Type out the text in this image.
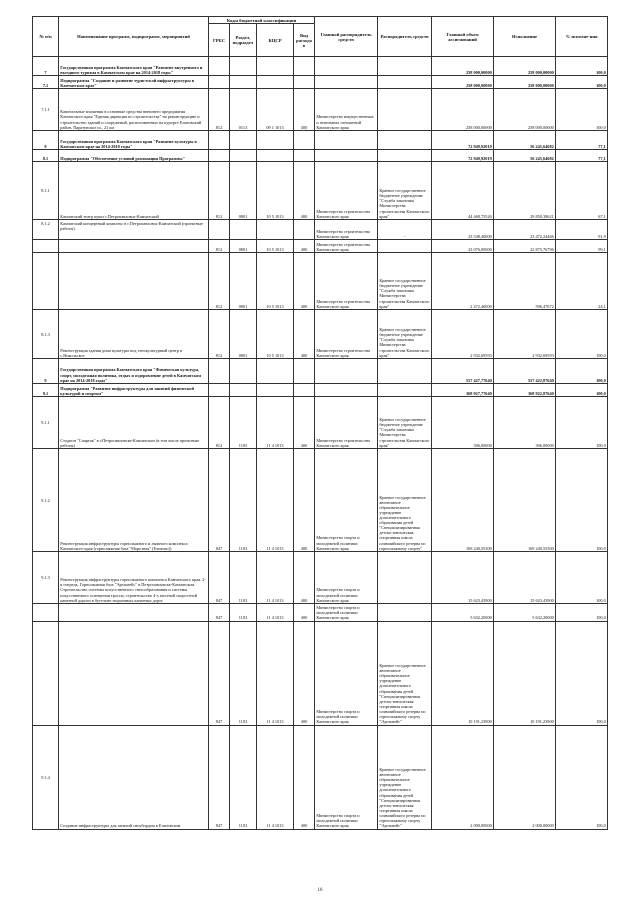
№ п/п	Наименование программ, подпрограмм, мероприятий	Коды бюджетной классификации				Главный распорядитель средств	Распорядитель средств	Главный объем ассигнований	Исполнение	% исполне-ния
		ГРБС	Раздел, подраздел	КЦСР	Вид расходов					
7	Государственная программа Камчатского края "Развитие внутреннего и въездного туризма в Камчатском крае на 2014-2018 годы"							258 000,00000	258 000,00000	100,0
7.1	Подпрограмма "Создание и развитие туристской инфраструктуры в Камчатском крае"							258 000,00000	258 000,00000	100,0
7.1.1	Капитальные вложения в основные средства внешнего предприятия Камчатского края "Единая дирекция по строительству" на реконструкцию и строительство зданий и сооружений, расположенных на курорте Елизовский район, Паратунское ш., 21 км	812	0113	09 1 1013	400	Министерство имущественных и земельных отношений Камчатского края		258 000,00000	258 000,00000	100,0
8	Государственная программа Камчатского края "Развитие культуры в Камчатском крае на 2014-2018 годы"							72 949,92019	56 245,64682	77,1
8.1	Подпрограмма "Обеспечение условий реализации Программы"							72 949,92019	56 245,64682	77,1
8.1.1	Камчатский театр кукол г.Петропавловск-Камчатский	812	0801	10 5 1013	400	Министерство строительства Камчатского края	Краевое государственное бюджетное учреждение "Служба заказчика Министерства строительства Камчатского края"	44 468,75526	29 850,38621	67,1
8.1.2	Камчатский концертный комплекс в г.Петропавловск-Камчатский (проектные работы)					Министерство строительства Камчатского края	-	23 548,40000	23 472,24466	91,9
		812	0801	10 5 1013	400	Министерство строительства Камчатского края		23 076,00000	22 875,76796	99,1
		812	0801	10 5 1013	400	Министерство строительства Камчатского края	Краевое государственное бюджетное учреждение "Служба заказчика Министерства строительства Камчатского края"	2 472,40000	596,47672	24,1
8.1.3	Реконструкция здания дома культуры под этнокультурный центр в с.Никольское	812	0801	10 5 1013	400	Министерство строительства Камчатского края	Краевое государственное бюджетное учреждение "Служба заказчика Министерства строительства Камчатского края"	2 932,69593	2 932,69593	100,0
9	Государственная программа Камчатского края "Физическая культура, спорт, молодежная политика, отдых и оздоровление детей в Камчатском крае на 2014-2018 годы"							557 427,77640	557 422,87640	100,0
9.1	Подпрограмма "Развитие инфраструктуры для занятий физической культурой и спортом"							368 927,77640	368 922,87640	100,0
9.1.1	Стадион "Спартак" в г.Петропавловске-Камчатском (в том числе проектные работы)	812	1105	11 4 1013	400	Министерство строительства Камчатского края	Краевое государственное бюджетное учреждение "Служба заказчика Министерства строительства Камчатского края"	396,00000	396,00000	100,0
9.1.2	Реконструкция инфраструктуры горнолыжного и лыжного комплекса Камчатского края (горнолыжная база "Морозная" (Елизово))	847	1103	11 4 1013	400	Министерство спорта и молодежной политики Камчатского края	Краевое государственное автономное образовательное учреждение дополнительного образования детей "Специализированная детско-юношеская спортивная школа олимпийского резерва по горнолыжному спорту"	169 240,55300	169 240,55300	100,0
9.1.3	Реконструкция инфраструктуры горнолыжного комплекса Камчатского края. 2-я очередь. Горнолыжная база "Эдельвейс" в Петропавловске-Камчатском. Строительство системы искусственного снегообразования и системы искусственного освещения трассы; строительство 4-х местной скоростной канатной дороги в бугельно-подъемных канатных дорог	847	1103	11 4 1013	400	Министерство спорта и молодежной политики Камчатского края		15 623,43900	15 623,43900	100,0
		847	1103	11 4 1013	400	Министерство спорта и молодежной политики Камчатского края		5 632,20000	5 632,20000	100,0
		847	1103	11 4 1013	400	Министерство спорта и молодежной политики Камчатского края	Краевое государственное автономное образовательное учреждение дополнительного образования детей "Специализированная детско-юношеская спортивная школа олимпийского резерва по горнолыжному спорту "Эдельвейс"	10 191,23900	10 191,23900	100,0
9.1.4	Создание инфраструктуры для занятий сноубордом в Елизовском	847	1103	11 4 1013	400	Министерство спорта и молодежной политики Камчатского края	Краевое государственное автономное образовательное учреждение дополнительного образования детей "Специализированная детско-юношеская спортивная школа олимпийского резерва по горнолыжному спорту "Эдельвейс"	2 000,00000	2 000,00000	100,0
16
